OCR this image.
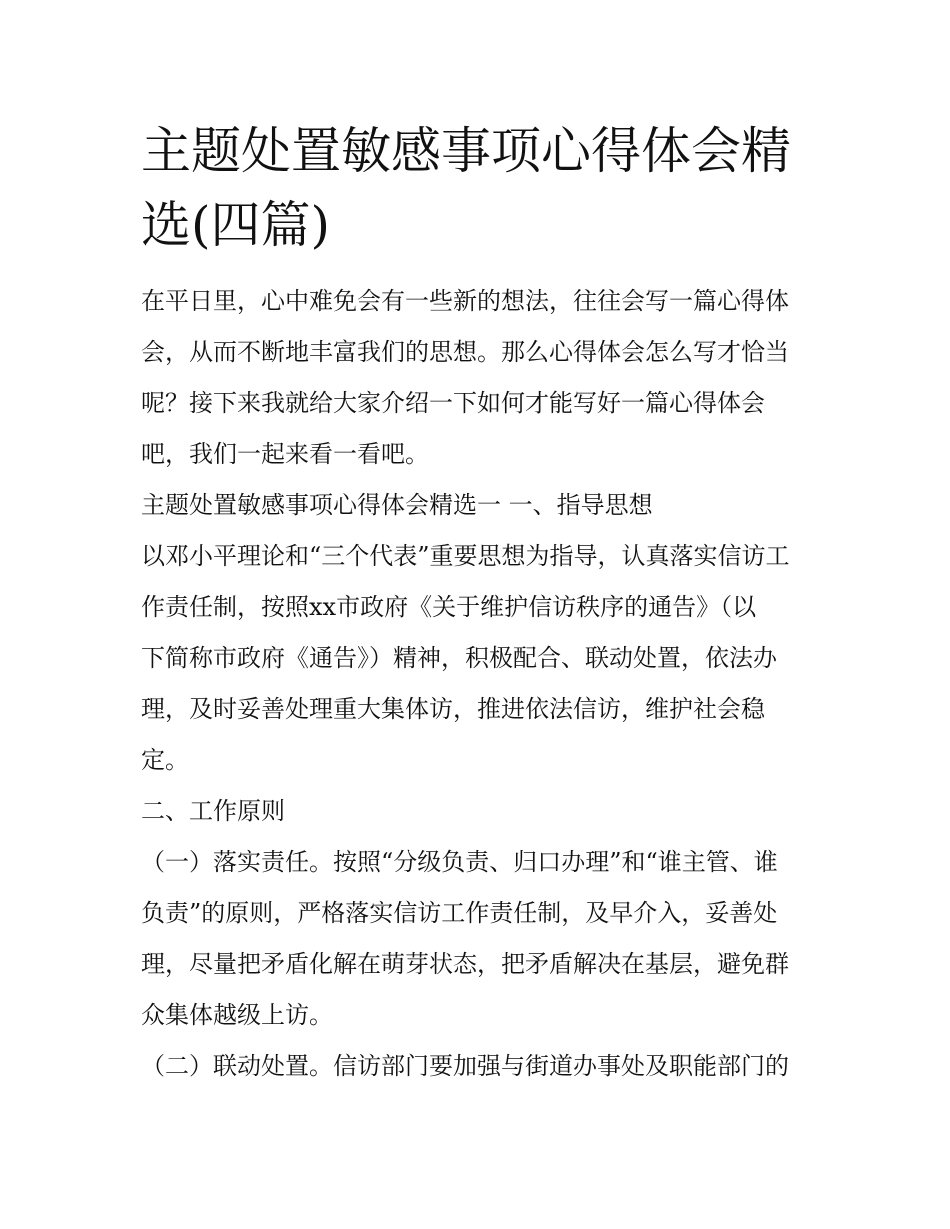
主题处置敏感事项心得体会精
选(四篇)
在平日里，心中难免会有一些新的想法，往往会写一篇心得体
会，从而不断地丰富我们的思想。那么心得体会怎么写才恰当
呢？接下来我就给大家介绍一下如何才能写好一篇心得体会
吧，我们一起来看一看吧。
主题处置敏感事项心得体会精选一 一、指导思想
以邓小平理论和“三个代表”重要思想为指导，认真落实信访工
作责任制，按照xx市政府《关于维护信访秩序的通告》（以
下简称市政府《通告》）精神，积极配合、联动处置，依法办
理，及时妥善处理重大集体访，推进依法信访，维护社会稳
定。
二、工作原则
（一）落实责任。按照“分级负责、归口办理”和“谁主管、谁
负责”的原则，严格落实信访工作责任制，及早介入，妥善处
理，尽量把矛盾化解在萌芽状态，把矛盾解决在基层，避免群
众集体越级上访。
（二）联动处置。信访部门要加强与街道办事处及职能部门的
